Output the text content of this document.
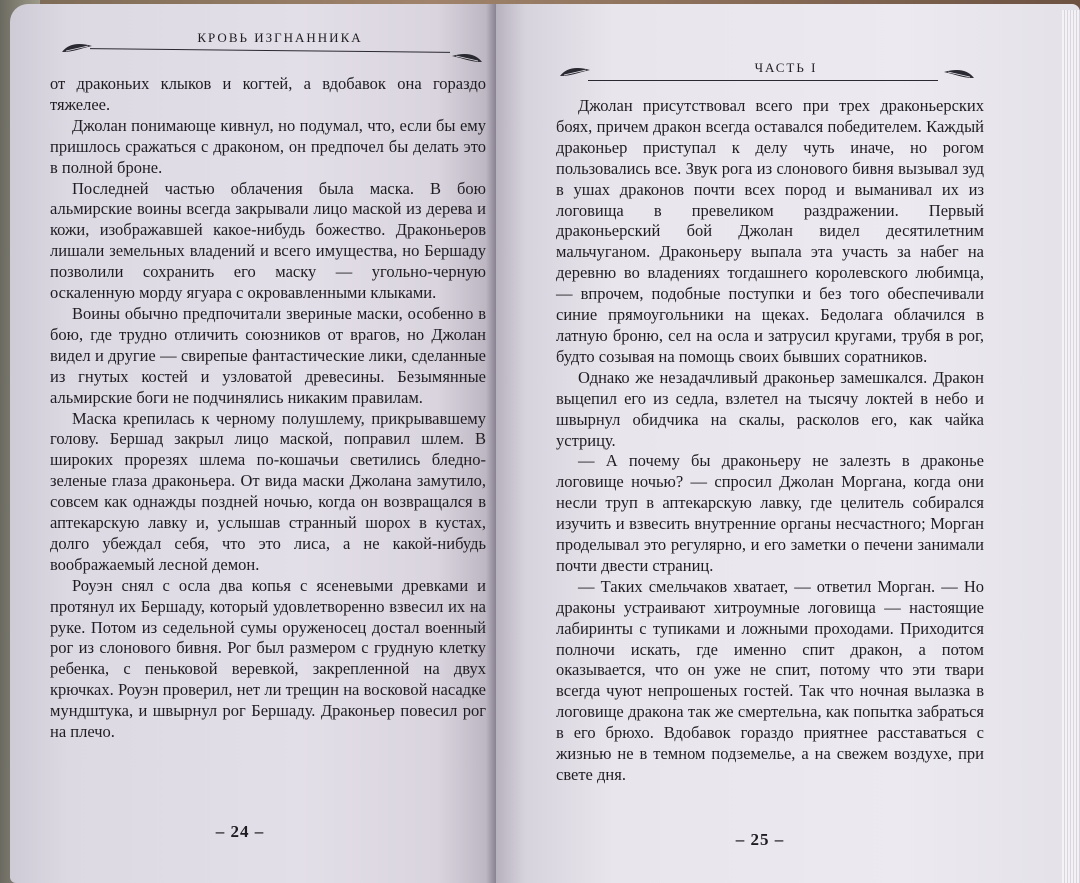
КРОВЬ ИЗГНАННИКА

от драконьих клыков и когтей, а вдобавок она гораздо тяжелее.

Джолан понимающе кивнул, но подумал, что, если бы ему пришлось сражаться с драконом, он предпочел бы делать это в полной броне.

Последней частью облачения была маска. В бою альмирские воины всегда закрывали лицо маской из дерева и кожи, изображавшей какое-нибудь божество. Драконьеров лишали земельных владений и всего имущества, но Бершаду позволили сохранить его маску — угольно-черную оскаленную морду ягуара с окровавленными клыками.

Воины обычно предпочитали звериные маски, особенно в бою, где трудно отличить союзников от врагов, но Джолан видел и другие — свирепые фантастические лики, сделанные из гнутых костей и узловатой древесины. Безымянные альмирские боги не подчинялись никаким правилам.

Маска крепилась к черному полушлему, прикрывавшему голову. Бершад закрыл лицо маской, поправил шлем. В широких прорезях шлема по-кошачьи светились бледно-зеленые глаза драконьера. От вида маски Джолана замутило, совсем как однажды поздней ночью, когда он возвращался в аптекарскую лавку и, услышав странный шорох в кустах, долго убеждал себя, что это лиса, а не какой-нибудь воображаемый лесной демон.

Роуэн снял с осла два копья с ясеневыми древками и протянул их Бершаду, который удовлетворенно взвесил их на руке. Потом из седельной сумы оруженосец достал военный рог из слонового бивня. Рог был размером с грудную клетку ребенка, с пеньковой веревкой, закрепленной на двух крючках. Роуэн проверил, нет ли трещин на восковой насадке мундштука, и швырнул рог Бершаду. Драконьер повесил рог на плечо.

– 24 –
ЧАСТЬ I

Джолан присутствовал всего при трех драконьерских боях, причем дракон всегда оставался победителем. Каждый драконьер приступал к делу чуть иначе, но рогом пользовались все. Звук рога из слонового бивня вызывал зуд в ушах драконов почти всех пород и выманивал их из логовища в превеликом раздражении. Первый драконьерский бой Джолан видел десятилетним мальчуганом. Драконьеру выпала эта участь за набег на деревню во владениях тогдашнего королевского любимца, — впрочем, подобные поступки и без того обеспечивали синие прямоугольники на щеках. Бедолага облачился в латную броню, сел на осла и затрусил кругами, трубя в рог, будто созывая на помощь своих бывших соратников.

Однако же незадачливый драконьер замешкался. Дракон выцепил его из седла, взлетел на тысячу локтей в небо и швырнул обидчика на скалы, расколов его, как чайка устрицу.

— А почему бы драконьеру не залезть в драконье логовище ночью? — спросил Джолан Моргана, когда они несли труп в аптекарскую лавку, где целитель собирался изучить и взвесить внутренние органы несчастного; Морган проделывал это регулярно, и его заметки о печени занимали почти двести страниц.

— Таких смельчаков хватает, — ответил Морган. — Но драконы устраивают хитроумные логовища — настоящие лабиринты с тупиками и ложными проходами. Приходится полночи искать, где именно спит дракон, а потом оказывается, что он уже не спит, потому что эти твари всегда чуют непрошеных гостей. Так что ночная вылазка в логовище дракона так же смертельна, как попытка забраться в его брюхо. Вдобавок гораздо приятнее расставаться с жизнью не в темном подземелье, а на свежем воздухе, при свете дня.

– 25 –
